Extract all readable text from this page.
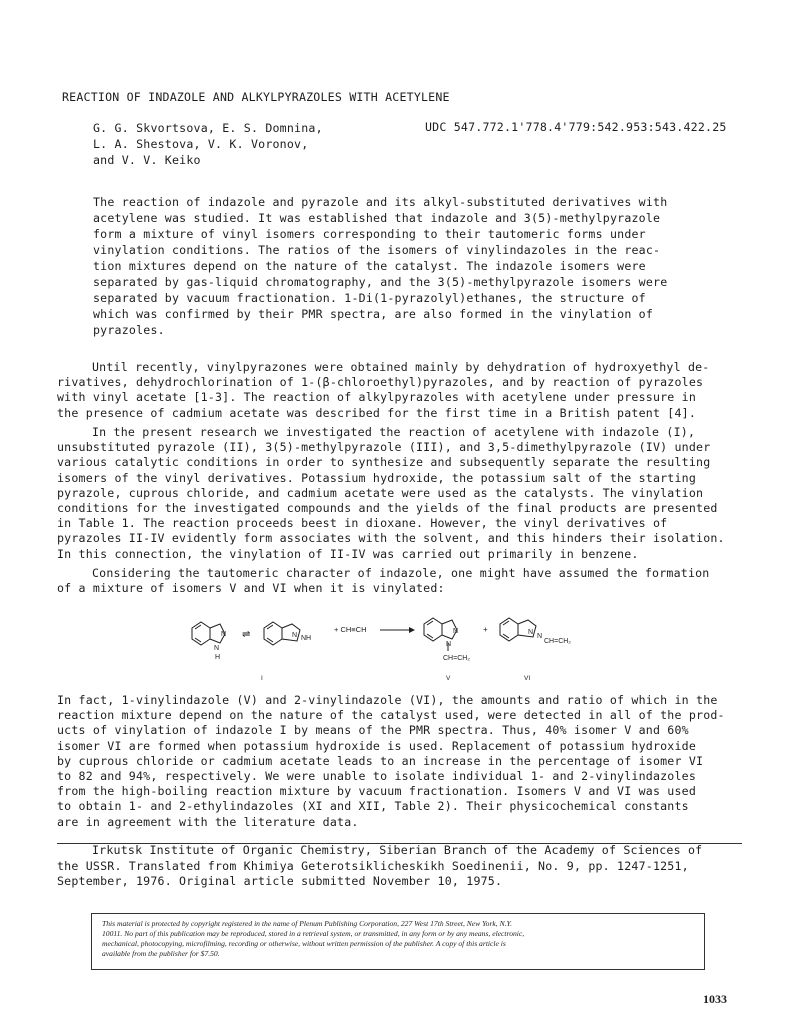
REACTION OF INDAZOLE AND ALKYLPYRAZOLES WITH ACETYLENE
G. G. Skvortsova, E. S. Domnina,
L. A. Shestova, V. K. Voronov,
and V. V. Keiko
UDC 547.772.1'778.4'779:542.953:543.422.25
The reaction of indazole and pyrazole and its alkyl-substituted derivatives with
acetylene was studied. It was established that indazole and 3(5)-methylpyrazole
form a mixture of vinyl isomers corresponding to their tautomeric forms under
vinylation conditions. The ratios of the isomers of vinylindazoles in the reac-
tion mixtures depend on the nature of the catalyst. The indazole isomers were
separated by gas-liquid chromatography, and the 3(5)-methylpyrazole isomers were
separated by vacuum fractionation. 1-Di(1-pyrazolyl)ethanes, the structure of
which was confirmed by their PMR spectra, are also formed in the vinylation of
pyrazoles.
Until recently, vinylpyrazones were obtained mainly by dehydration of hydroxyethyl de-
rivatives, dehydrochlorination of 1-(β-chloroethyl)pyrazoles, and by reaction of pyrazoles
with vinyl acetate [1-3]. The reaction of alkylpyrazoles with acetylene under pressure in
the presence of cadmium acetate was described for the first time in a British patent [4].
In the present research we investigated the reaction of acetylene with indazole (I),
unsubstituted pyrazole (II), 3(5)-methylpyrazole (III), and 3,5-dimethylpyrazole (IV) under
various catalytic conditions in order to synthesize and subsequently separate the resulting
isomers of the vinyl derivatives. Potassium hydroxide, the potassium salt of the starting
pyrazole, cuprous chloride, and cadmium acetate were used as the catalysts. The vinylation
conditions for the investigated compounds and the yields of the final products are presented
in Table 1. The reaction proceeds beest in dioxane. However, the vinyl derivatives of
pyrazoles II-IV evidently form associates with the solvent, and this hinders their isolation.
In this connection, the vinylation of II-IV was carried out primarily in benzene.
Considering the tautomeric character of indazole, one might have assumed the formation
of a mixture of isomers V and VI when it is vinylated:
N
N
H
⇌	N NH
+ CH≡CH	N
N
CH=CH₂
+	N
N
CH=CH₂
I	V	VI
In fact, 1-vinylindazole (V) and 2-vinylindazole (VI), the amounts and ratio of which in the
reaction mixture depend on the nature of the catalyst used, were detected in all of the prod-
ucts of vinylation of indazole I by means of the PMR spectra. Thus, 40% isomer V and 60%
isomer VI are formed when potassium hydroxide is used. Replacement of potassium hydroxide
by cuprous chloride or cadmium acetate leads to an increase in the percentage of isomer VI
to 82 and 94%, respectively. We were unable to isolate individual 1- and 2-vinylindazoles
from the high-boiling reaction mixture by vacuum fractionation. Isomers V and VI was used
to obtain 1- and 2-ethylindazoles (XI and XII, Table 2). Their physicochemical constants
are in agreement with the literature data.
Irkutsk Institute of Organic Chemistry, Siberian Branch of the Academy of Sciences of
the USSR. Translated from Khimiya Geterotsiklicheskikh Soedinenii, No. 9, pp. 1247-1251,
September, 1976. Original article submitted November 10, 1975.
This material is protected by copyright registered in the name of Plenum Publishing Corporation, 227 West 17th Street, New York, N.Y.
10011. No part of this publication may be reproduced, stored in a retrieval system, or transmitted, in any form or by any means, electronic,
mechanical, photocopying, microfilming, recording or otherwise, without written permission of the publisher. A copy of this article is
available from the publisher for $7.50.
1033
